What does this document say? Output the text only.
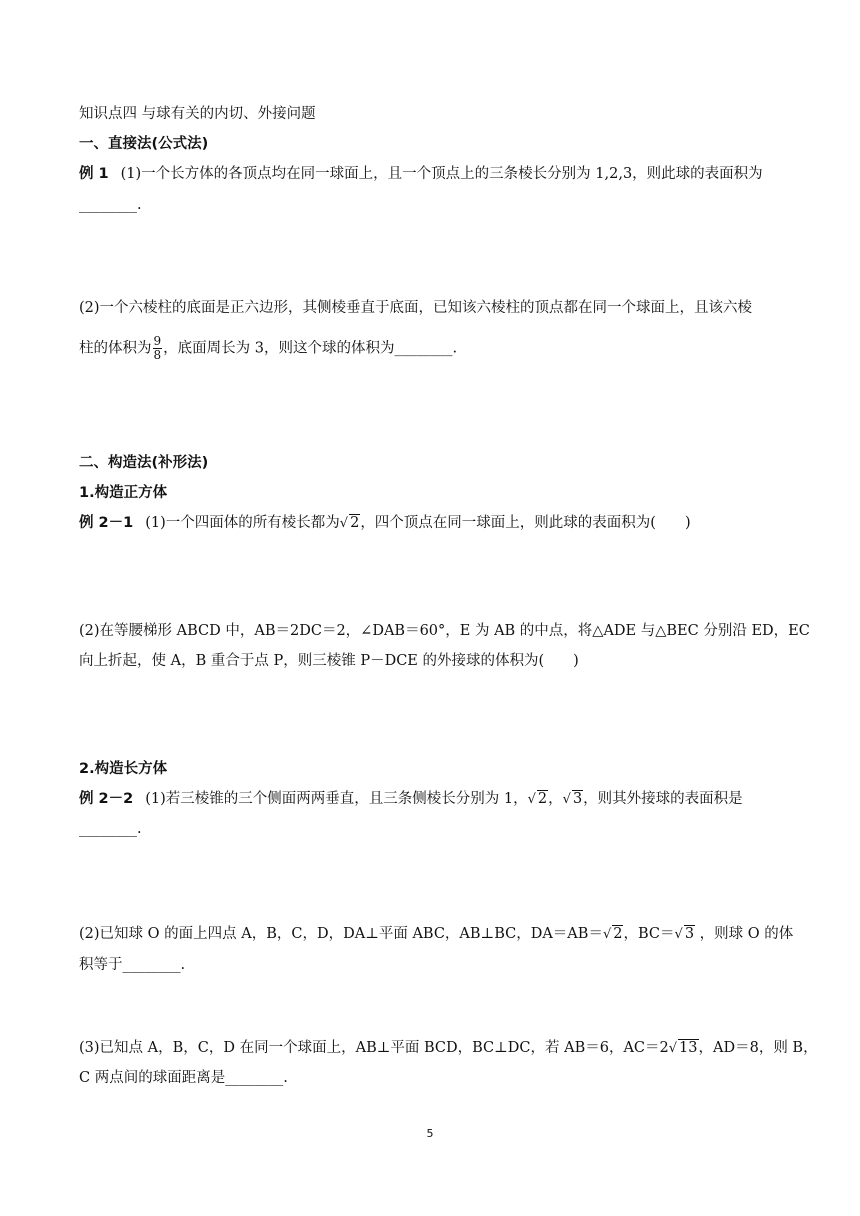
知识点四 与球有关的内切、外接问题
一、直接法(公式法)
例 1 (1)一个长方体的各顶点均在同一球面上，且一个顶点上的三条棱长分别为 1,2,3，则此球的表面积为
________.
(2)一个六棱柱的底面是正六边形，其侧棱垂直于底面，已知该六棱柱的顶点都在同一个球面上，且该六棱
柱的体积为 $\frac{9}{8}$ ，底面周长为 3，则这个球的体积为________.
二、构造法(补形法)
1.构造正方体
例 2－1 (1)一个四面体的所有棱长都为√ 2，四个顶点在同一球面上，则此球的表面积为(　　)
(2)在等腰梯形 ABCD 中，AB＝2DC＝2，∠DAB＝60°，E 为 AB 的中点，将△ADE 与△BEC 分别沿 ED，EC
向上折起，使 A，B 重合于点 P，则三棱锥 P－DCE 的外接球的体积为(　　)
2.构造长方体
例 2－2 (1)若三棱锥的三个侧面两两垂直，且三条侧棱长分别为 1，√ 2，√ 3，则其外接球的表面积是
________.
(2)已知球 O 的面上四点 A，B，C，D，DA⊥平面 ABC，AB⊥BC，DA＝AB＝√ 2，BC＝√ 3 ，则球 O 的体
积等于________.
(3)已知点 A，B，C，D 在同一个球面上，AB⊥平面 BCD，BC⊥DC，若 AB＝6，AC＝2√ 13，AD＝8，则 B，
C 两点间的球面距离是________.
5
